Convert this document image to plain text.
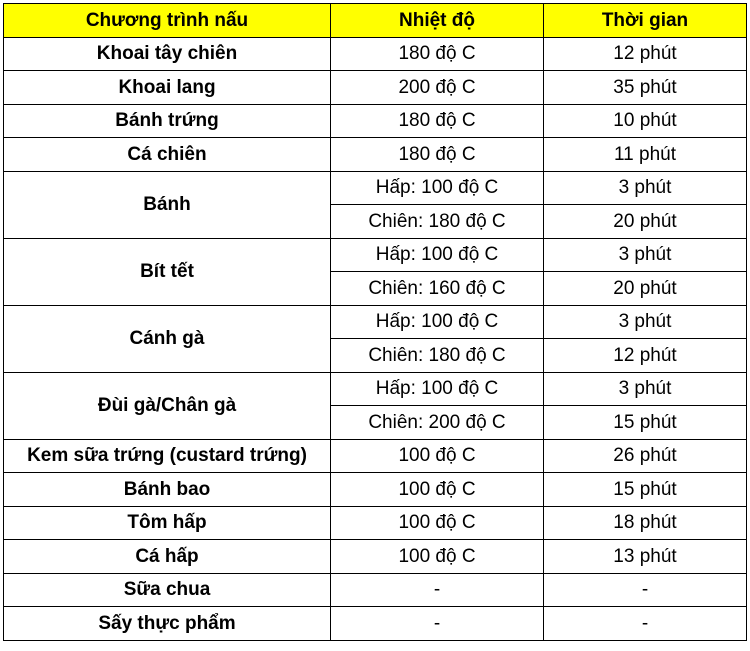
Chương trình nấu	Nhiệt độ	Thời gian
Khoai tây chiên	180 độ C	12 phút
Khoai lang	200 độ C	35 phút
Bánh trứng	180 độ C	10 phút
Cá chiên	180 độ C	11 phút
Bánh	Hấp: 100 độ C	3 phút
	Chiên: 180 độ C	20 phút
Bít tết	Hấp: 100 độ C	3 phút
	Chiên: 160 độ C	20 phút
Cánh gà	Hấp: 100 độ C	3 phút
	Chiên: 180 độ C	12 phút
Đùi gà/Chân gà	Hấp: 100 độ C	3 phút
	Chiên: 200 độ C	15 phút
Kem sữa trứng (custard trứng)	100 độ C	26 phút
Bánh bao	100 độ C	15 phút
Tôm hấp	100 độ C	18 phút
Cá hấp	100 độ C	13 phút
Sữa chua	-	-
Sấy thực phẩm	-	-
